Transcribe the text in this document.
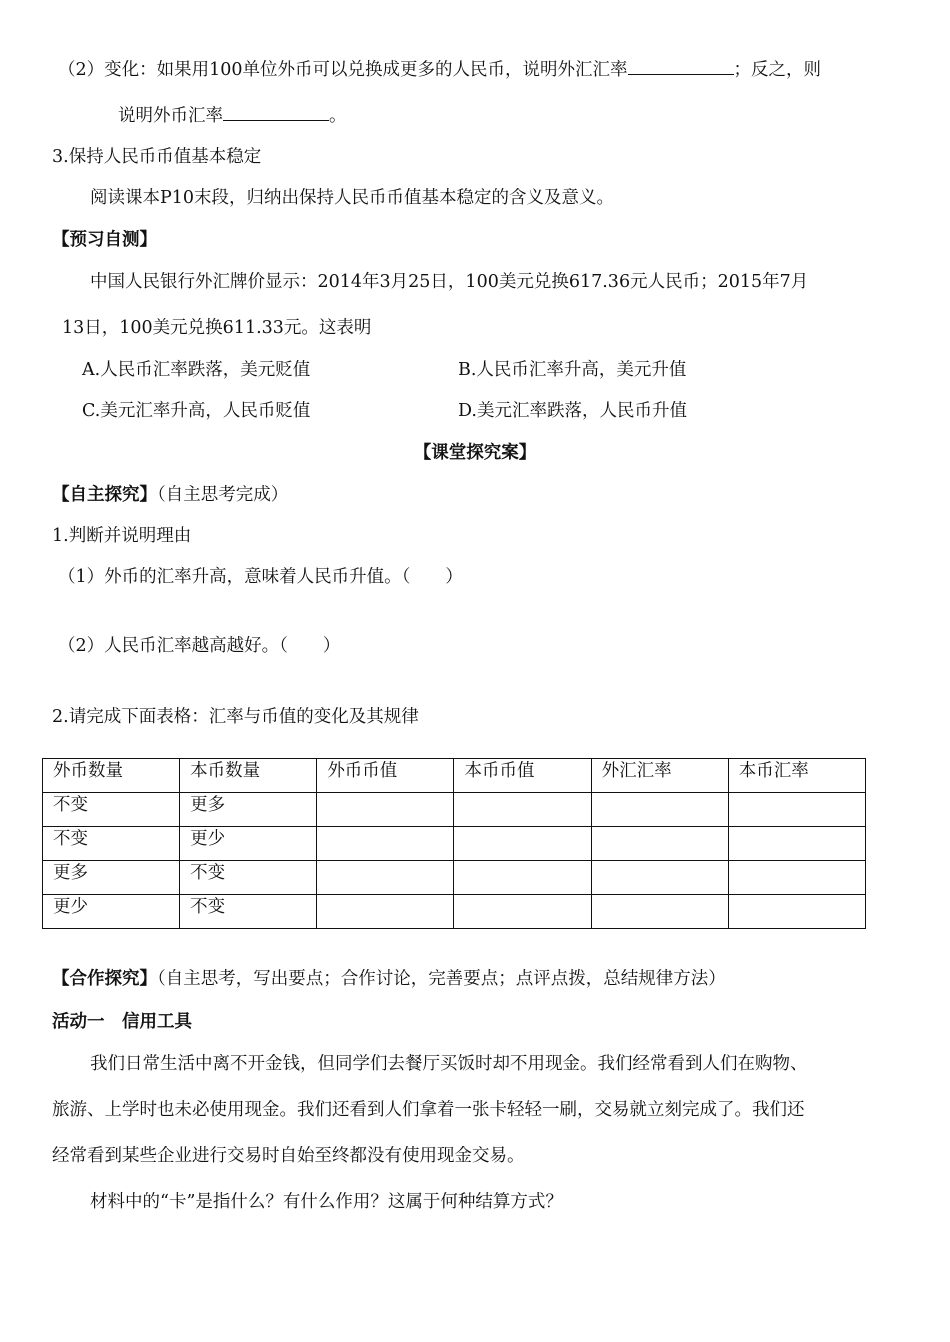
（2）变化：如果用100单位外币可以兑换成更多的人民币，说明外汇汇率	；反之，则
说明外币汇率	。
3.保持人民币币值基本稳定
阅读课本P10末段，归纳出保持人民币币值基本稳定的含义及意义。
【预习自测】
中国人民银行外汇牌价显示：2014年3月25日，100美元兑换617.36元人民币；2015年7月
13日，100美元兑换611.33元。这表明
A.人民币汇率跌落，美元贬值	B.人民币汇率升高，美元升值
C.美元汇率升高，人民币贬值	D.美元汇率跌落，人民币升值
【课堂探究案】
【自主探究】（自主思考完成）
1.判断并说明理由
（1）外币的汇率升高，意味着人民币升值。（　　）
（2）人民币汇率越高越好。（　　）
2.请完成下面表格：汇率与币值的变化及其规律
外币数量	本币数量	外币币值	本币币值	外汇汇率	本币汇率
不变	更多				
不变	更少				
更多	不变				
更少	不变				
【合作探究】（自主思考，写出要点；合作讨论，完善要点；点评点拨，总结规律方法）
活动一　信用工具
我们日常生活中离不开金钱，但同学们去餐厅买饭时却不用现金。我们经常看到人们在购物、
旅游、上学时也未必使用现金。我们还看到人们拿着一张卡轻轻一刷，交易就立刻完成了。我们还
经常看到某些企业进行交易时自始至终都没有使用现金交易。
材料中的“卡”是指什么？有什么作用？这属于何种结算方式？
